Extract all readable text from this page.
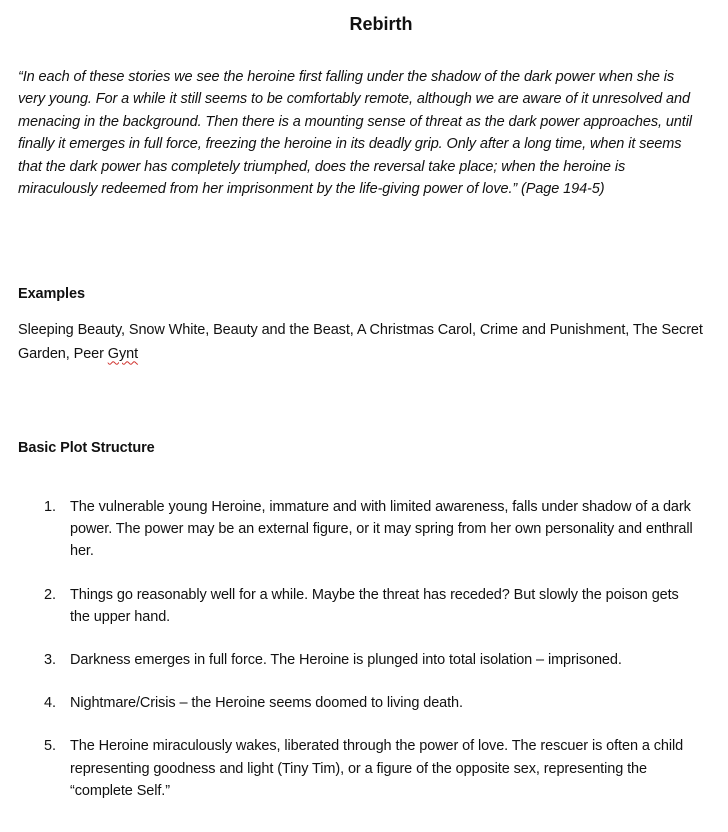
Rebirth
“In each of these stories we see the heroine first falling under the shadow of the dark power when she is very young. For a while it still seems to be comfortably remote, although we are aware of it unresolved and menacing in the background. Then there is a mounting sense of threat as the dark power approaches, until finally it emerges in full force, freezing the heroine in its deadly grip. Only after a long time, when it seems that the dark power has completely triumphed, does the reversal take place; when the heroine is miraculously redeemed from her imprisonment by the life-giving power of love.” (Page 194-5)
Examples
Sleeping Beauty, Snow White, Beauty and the Beast, A Christmas Carol, Crime and Punishment, The Secret Garden, Peer Gynt
Basic Plot Structure
1. The vulnerable young Heroine, immature and with limited awareness, falls under shadow of a dark power. The power may be an external figure, or it may spring from her own personality and enthrall her.
2. Things go reasonably well for a while. Maybe the threat has receded? But slowly the poison gets the upper hand.
3. Darkness emerges in full force. The Heroine is plunged into total isolation – imprisoned.
4. Nightmare/Crisis – the Heroine seems doomed to living death.
5. The Heroine miraculously wakes, liberated through the power of love. The rescuer is often a child representing goodness and light (Tiny Tim), or a figure of the opposite sex, representing the “complete Self.”
